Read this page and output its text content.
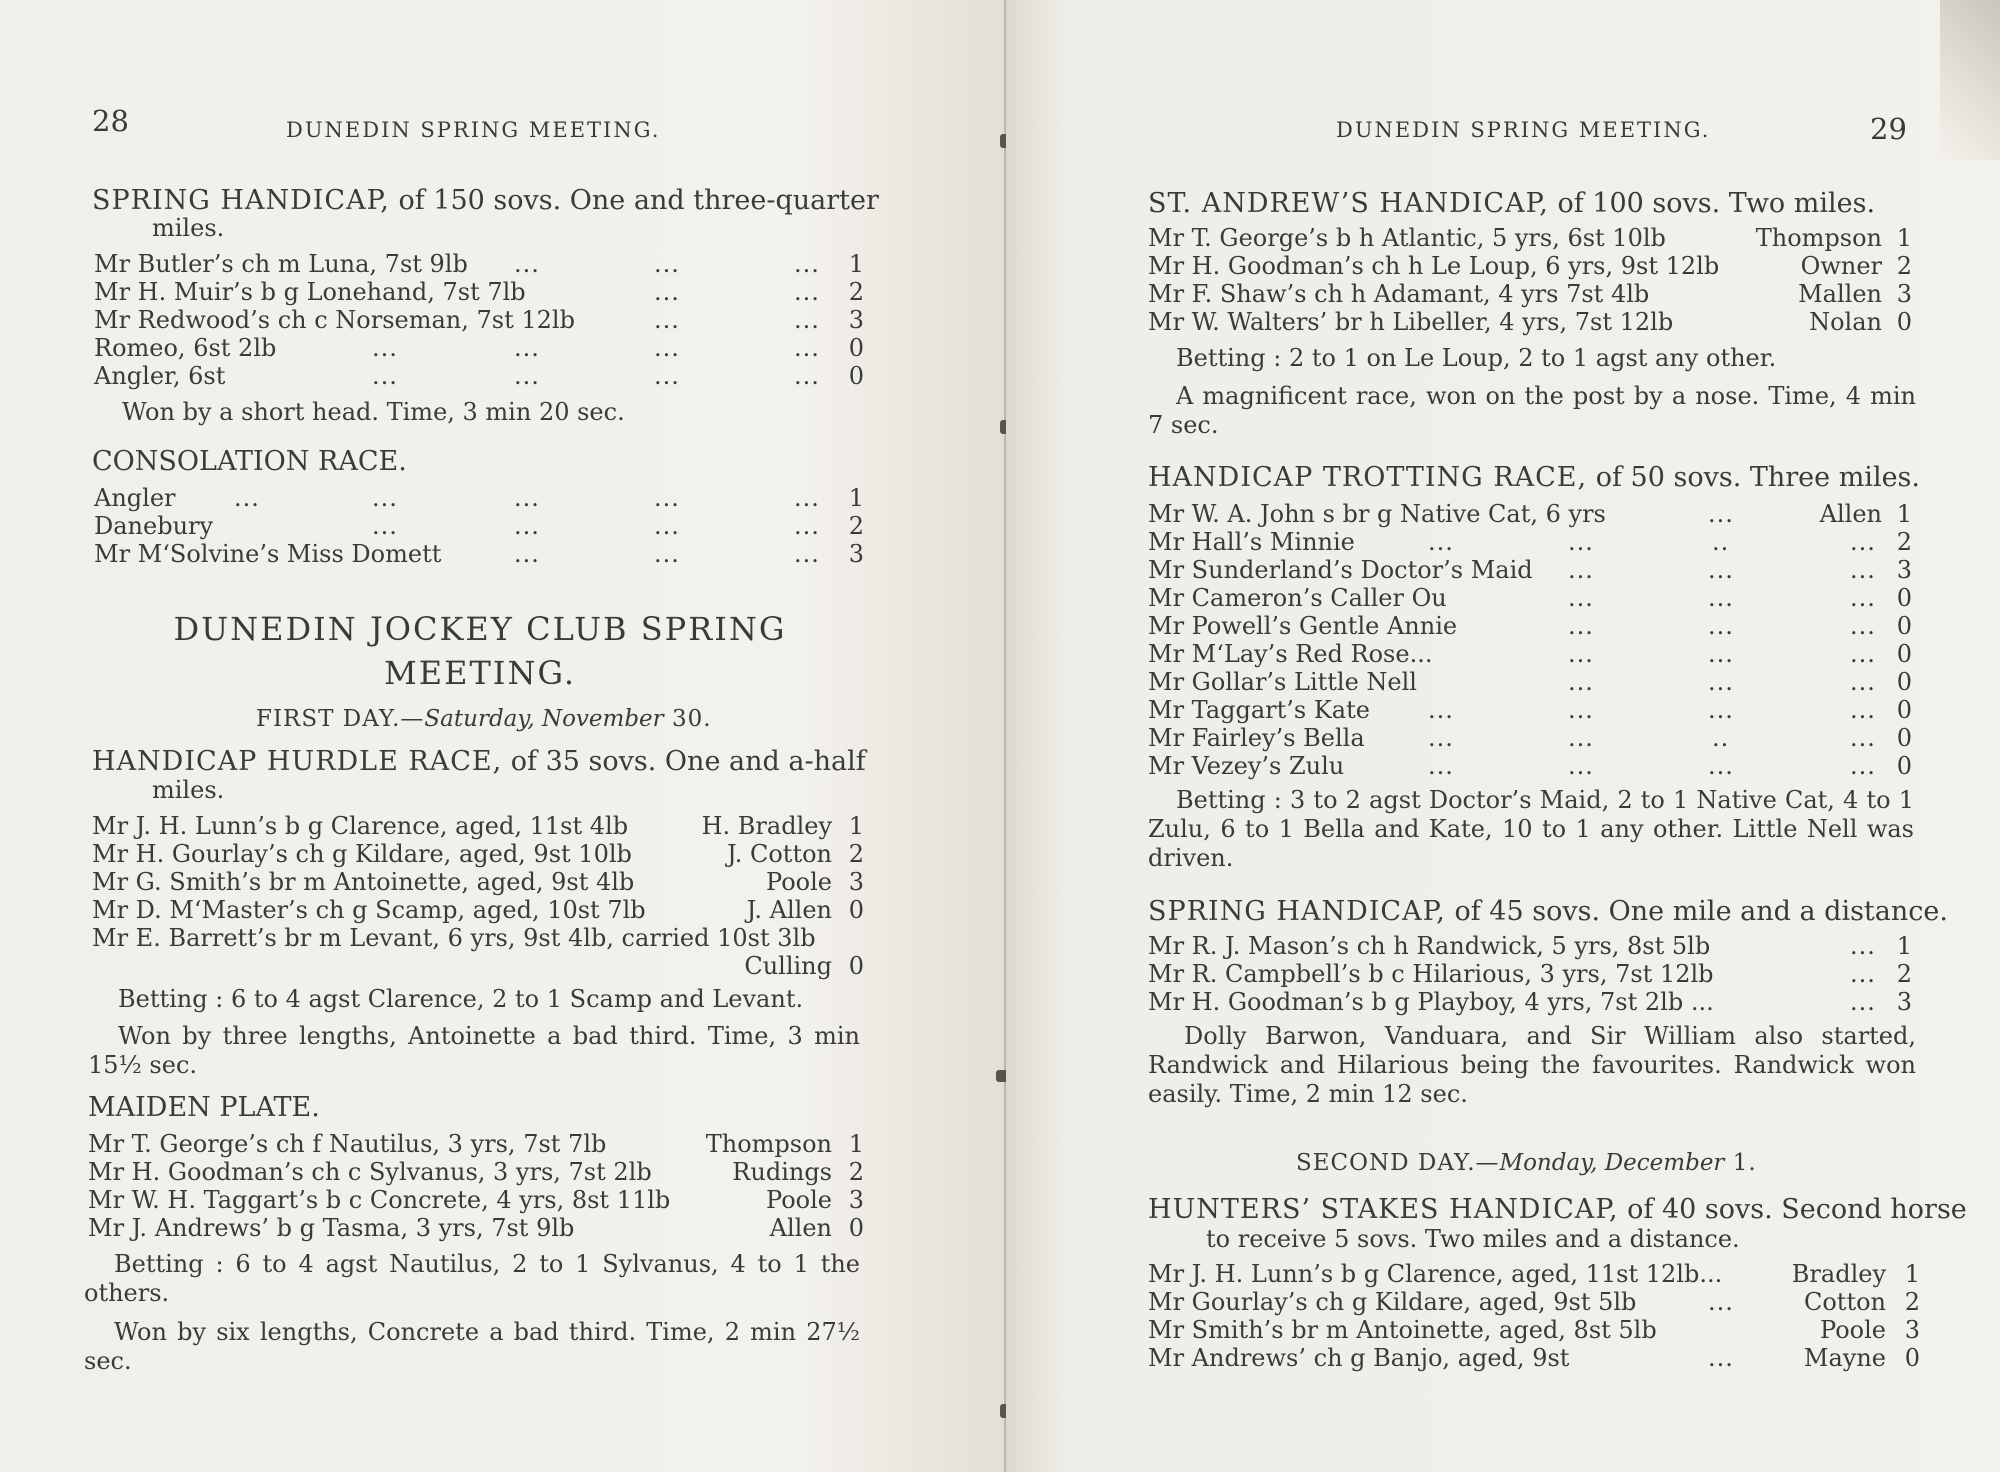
28	DUNEDIN SPRING MEETING.
SPRING HANDICAP, of 150 sovs. One and three-quarter
miles.
Mr Butler’s ch m Luna, 7st 9lb ...	...	... 1
Mr H. Muir’s b g Lonehand, 7st 7lb	...	... 2
Mr Redwood’s ch c Norseman, 7st 12lb	...	... 3
Romeo, 6st 2lb	...	...	...	... 0
Angler, 6st	...	...	...	... 0
Won by a short head. Time, 3 min 20 sec.
CONSOLATION RACE.
Angler ...	...	...	...	... 1
Danebury	...	...	...	... 2
Mr M‘Solvine’s Miss Domett	...	...	... 3
DUNEDIN JOCKEY CLUB SPRING
MEETING.
FIRST DAY.—Saturday, November 30.
HANDICAP HURDLE RACE, of 35 sovs. One and a-half
miles.
Mr J. H. Lunn’s b g Clarence, aged, 11st 4lb	H. Bradley 1
Mr H. Gourlay’s ch g Kildare, aged, 9st 10lb	J. Cotton 2
Mr G. Smith’s br m Antoinette, aged, 9st 4lb	Poole 3
Mr D. M‘Master’s ch g Scamp, aged, 10st 7lb	J. Allen 0
Mr E. Barrett’s br m Levant, 6 yrs, 9st 4lb, carried 10st 3lb
Culling 0
Betting : 6 to 4 agst Clarence, 2 to 1 Scamp and Levant.
Won by three lengths, Antoinette a bad third. Time, 3 min 15½ sec.
MAIDEN PLATE.
Mr T. George’s ch f Nautilus, 3 yrs, 7st 7lb	Thompson 1
Mr H. Goodman’s ch c Sylvanus, 3 yrs, 7st 2lb	Rudings 2
Mr W. H. Taggart’s b c Concrete, 4 yrs, 8st 11lb	Poole 3
Mr J. Andrews’ b g Tasma, 3 yrs, 7st 9lb	Allen 0
Betting : 6 to 4 agst Nautilus, 2 to 1 Sylvanus, 4 to 1 the others.
Won by six lengths, Concrete a bad third. Time, 2 min 27½ sec.
DUNEDIN SPRING MEETING.	29
ST. ANDREW’S HANDICAP, of 100 sovs. Two miles.
Mr T. George’s b h Atlantic, 5 yrs, 6st 10lb	Thompson 1
Mr H. Goodman’s ch h Le Loup, 6 yrs, 9st 12lb	Owner 2
Mr F. Shaw’s ch h Adamant, 4 yrs 7st 4lb	Mallen 3
Mr W. Walters’ br h Libeller, 4 yrs, 7st 12lb	Nolan 0
Betting : 2 to 1 on Le Loup, 2 to 1 agst any other.
A magnificent race, won on the post by a nose. Time, 4 min 7 sec.
HANDICAP TROTTING RACE, of 50 sovs. Three miles.
Mr W. A. John s br g Native Cat, 6 yrs	...	Allen 1
Mr Hall’s Minnie	...	...	..	... 2
Mr Sunderland’s Doctor’s Maid ...	...	... 3
Mr Cameron’s Caller Ou	...	...	... 0
Mr Powell’s Gentle Annie	...	...	... 0
Mr M‘Lay’s Red Rose...	...	...	... 0
Mr Gollar’s Little Nell	...	...	... 0
Mr Taggart’s Kate ...	...	...	... 0
Mr Fairley’s Bella	...	...	..	... 0
Mr Vezey’s Zulu	...	...	...	... 0
Betting : 3 to 2 agst Doctor’s Maid, 2 to 1 Native Cat, 4 to 1 Zulu, 6 to 1 Bella and Kate, 10 to 1 any other. Little Nell was driven.
SPRING HANDICAP, of 45 sovs. One mile and a distance.
Mr R. J. Mason’s ch h Randwick, 5 yrs, 8st 5lb	... 1
Mr R. Campbell’s b c Hilarious, 3 yrs, 7st 12lb	... 2
Mr H. Goodman’s b g Playboy, 4 yrs, 7st 2lb ...	... 3
Dolly Barwon, Vanduara, and Sir William also started, Randwick and Hilarious being the favourites. Randwick won easily. Time, 2 min 12 sec.
SECOND DAY.—Monday, December 1.
HUNTERS’ STAKES HANDICAP, of 40 sovs. Second horse
to receive 5 sovs. Two miles and a distance.
Mr J. H. Lunn’s b g Clarence, aged, 11st 12lb...	Bradley 1
Mr Gourlay’s ch g Kildare, aged, 9st 5lb	...	Cotton 2
Mr Smith’s br m Antoinette, aged, 8st 5lb	Poole 3
Mr Andrews’ ch g Banjo, aged, 9st	...	Mayne 0
